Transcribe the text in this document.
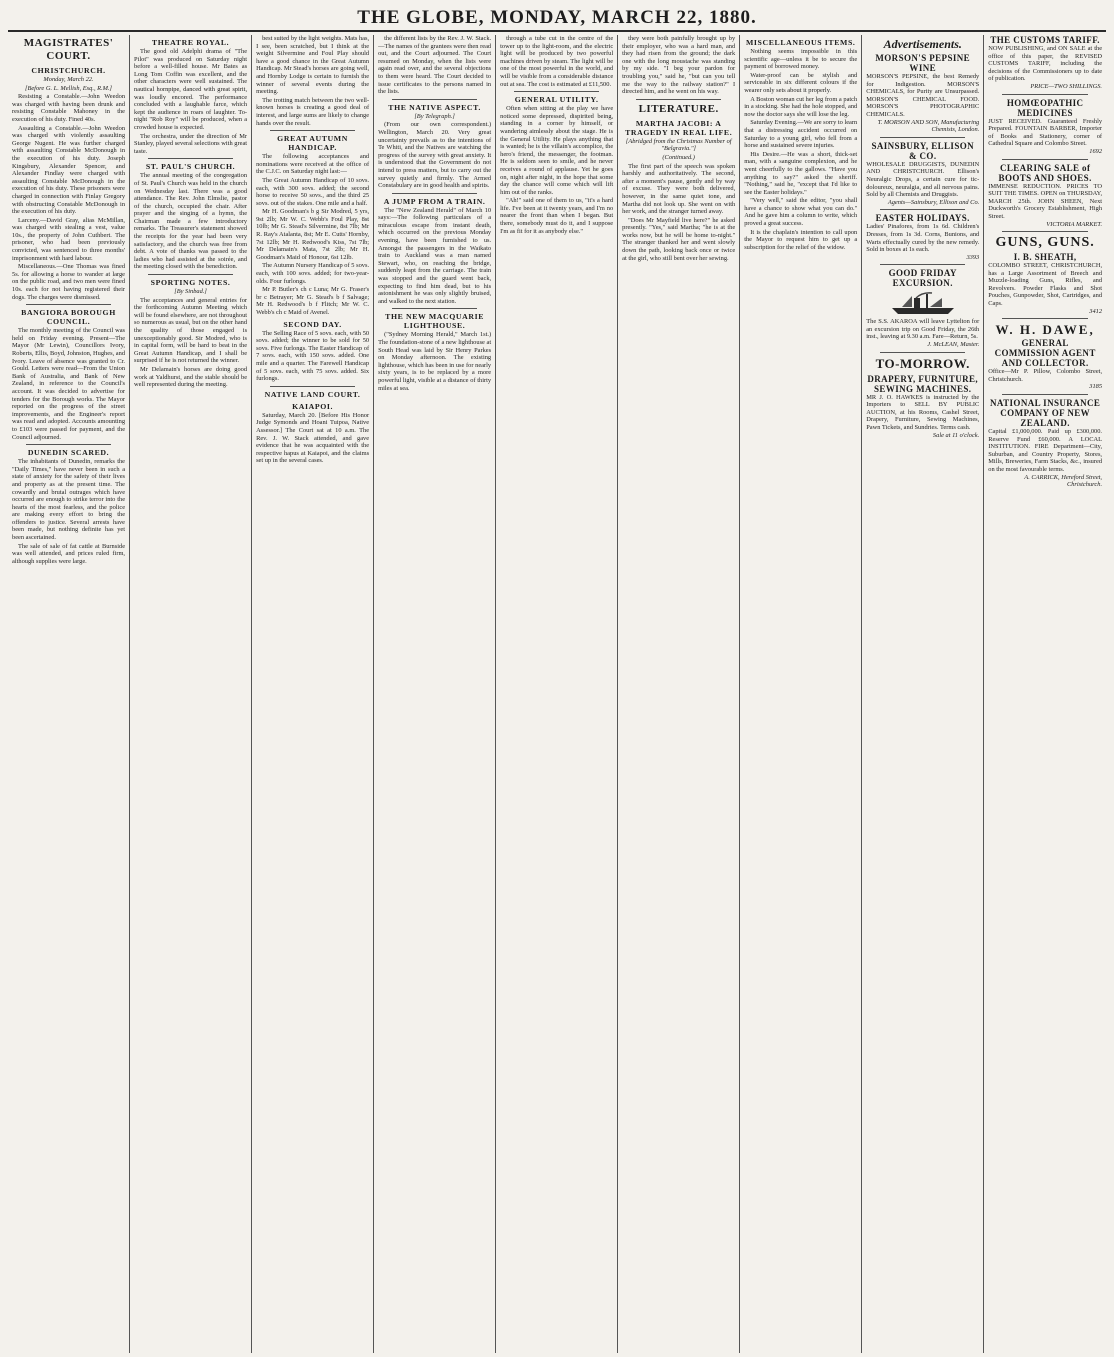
THE GLOBE, MONDAY, MARCH 22, 1880.
MAGISTRATES' COURT.
CHRISTCHURCH.
Monday, March 22.
[Before G. L. Mellish, Esq., R.M.]

Resisting a Constable.—John Weedon was charged with having been drunk and resisting Constable Mahoney in the execution of his duty. Fined 40s.

Assaulting a Constable.—John Weedon was charged with violently assaulting George Nugent. He was further charged with assaulting Constable McDonough in the execution of his duty. Joseph Kingsbury, Alexander Spencer, and Alexander Findlay were charged with assaulting Constable McDonough in the execution of his duty. These prisoners were charged in connection with Finlay Gregory with obstructing Constable McDonough in the execution of his duty.

Larceny.—David Gray, alias McMillan, was charged with stealing a vest, value 10s., the property of John Cuthbert. The prisoner, who had been previously convicted, was sentenced to three months' imprisonment with hard labour.

Miscellaneous.—One Thomas was fined 5s. for allowing a horse to wander at large on the public road, and two men were fined 10s. each for not having registered their dogs. The charges were dismissed.

BANGIORA BOROUGH COUNCIL.

The monthly meeting of the Council was held on Friday evening. Present—The Mayor (Mr Lewin), Councillors Ivory, Roberts, Ellis, Boyd, Johnston, Hughes, and Ivory. Leave of absence was granted to Cr. Gould. Letters were read—From the Union Bank of Australia, and Bank of New Zealand, in reference to the Council's account. It was decided to advertise for tenders for the Borough works. The Mayor reported on the progress of the street improvements, and the Engineer's report was read and adopted. Accounts amounting to £103 were passed for payment, and the Council adjourned.

DUNEDIN SCARED.

The inhabitants of Dunedin, remarks the "Daily Times," have never been in such a state of anxiety for the safety of their lives and property as at the present time. The cowardly and brutal outrages which have occurred are enough to strike terror into the hearts of the most fearless, and the police are making every effort to bring the offenders to justice. Several arrests have been made, but nothing definite has yet been ascertained.

The sale of sale of fat cattle at Burnside was well attended, and prices ruled firm, although supplies were large.

THEATRE ROYAL.

The good old Adelphi drama of "The Pilot" was produced on Saturday night before a well-filled house. Mr Bates as Long Tom Coffin was excellent, and the other characters were well sustained. The nautical hornpipe, danced with great spirit, was loudly encored. The performance concluded with a laughable farce, which kept the audience in roars of laughter. To-night "Rob Roy" will be produced, when a crowded house is expected.

The orchestra, under the direction of Mr Stanley, played several selections with great taste.

ST. PAUL'S CHURCH.

The annual meeting of the congregation of St. Paul's Church was held in the church on Wednesday last. There was a good attendance. The Rev. John Elmslie, pastor of the church, occupied the chair. After prayer and the singing of a hymn, the Chairman made a few introductory remarks. The Treasurer's statement showed the receipts for the year had been very satisfactory, and the church was free from debt. A vote of thanks was passed to the ladies who had assisted at the soirée, and the meeting closed with the benediction.

SPORTING NOTES.
[By Sinbad.]

The acceptances and general entries for the forthcoming Autumn Meeting which will be found elsewhere, are not throughout so numerous as usual, but on the other hand the quality of those engaged is unexceptionably good. Sir Modred, who is in capital form, will be hard to beat in the Great Autumn Handicap, and I shall be surprised if he is not returned the winner.

Mr Delamain's horses are doing good work at Yaldhurst, and the stable should be well represented during the meeting.

best suited by the light weights. Mats has, I see, been scratched, but I think at the weight Silvermine and Foul Play should have a good chance in the Great Autumn Handicap. Mr Stead's horses are going well, and Hornby Lodge is certain to furnish the winner of several events during the meeting.

The trotting match between the two well-known horses is creating a good deal of interest, and large sums are likely to change hands over the result.

GREAT AUTUMN HANDICAP.

The following acceptances and nominations were received at the office of the C.J.C. on Saturday night last:—

The Great Autumn Handicap of 10 sovs. each, with 300 sovs. added; the second horse to receive 50 sovs., and the third 25 sovs. out of the stakes. One mile and a half.

Mr H. Goodman's b g Sir Modred, 5 yrs, 9st 2lb; Mr W. C. Webb's Foul Play, 8st 10lb; Mr G. Stead's Silvermine, 8st 7lb; Mr R. Ray's Atalanta, 8st; Mr E. Cutts' Hornby, 7st 12lb; Mr H. Redwood's Kiss, 7st 7lb; Mr Delamain's Mata, 7st 2lb; Mr H. Goodman's Maid of Honour, 6st 12lb.

The Autumn Nursery Handicap of 5 sovs. each, with 100 sovs. added; for two-year-olds. Four furlongs.

Mr P. Butler's ch c Luna; Mr G. Fraser's br c Betrayer; Mr G. Stead's b f Salvage; Mr H. Redwood's b f Flitch; Mr W. C. Webb's ch c Maid of Avenel.

SECOND DAY.

The Selling Race of 5 sovs. each, with 50 sovs. added; the winner to be sold for 50 sovs. Five furlongs. The Easter Handicap of 7 sovs. each, with 150 sovs. added. One mile and a quarter. The Farewell Handicap of 5 sovs. each, with 75 sovs. added. Six furlongs.

NATIVE LAND COURT.
KAIAPOI.

Saturday, March 20. [Before His Honor Judge Symonds and Hoani Tuipoa, Native Assessor.] The Court sat at 10 a.m. The Rev. J. W. Stack attended, and gave evidence that he was acquainted with the respective hapus at Kaiapoi, and the claims set up in the several cases.

the different lists by the Rev. J. W. Stack.—The names of the grantees were then read out, and the Court adjourned. The Court resumed on Monday, when the lists were again read over, and the several objections to them were heard. The Court decided to issue certificates to the persons named in the lists.

THE NATIVE ASPECT.
[By Telegraph.]

(From our own correspondent.) Wellington, March 20. Very great uncertainty prevails as to the intentions of Te Whiti, and the Natives are watching the progress of the survey with great anxiety. It is understood that the Government do not intend to press matters, but to carry out the survey quietly and firmly. The Armed Constabulary are in good health and spirits.

A JUMP FROM A TRAIN.

The "New Zealand Herald" of March 10 says:—The following particulars of a miraculous escape from instant death, which occurred on the previous Monday evening, have been furnished to us. Amongst the passengers in the Waikato train to Auckland was a man named Stewart, who, on reaching the bridge, suddenly leapt from the carriage. The train was stopped and the guard went back, expecting to find him dead, but to his astonishment he was only slightly bruised, and walked to the next station.

THE NEW MACQUARIE LIGHTHOUSE.

("Sydney Morning Herald," March 1st.) The foundation-stone of a new lighthouse at South Head was laid by Sir Henry Parkes on Monday afternoon. The existing lighthouse, which has been in use for nearly sixty years, is to be replaced by a more powerful light, visible at a distance of thirty miles at sea.

through a tube cut in the centre of the tower up to the light-room, and the electric light will be produced by two powerful machines driven by steam. The light will be one of the most powerful in the world, and will be visible from a considerable distance out at sea. The cost is estimated at £11,500.

GENERAL UTILITY.

Often when sitting at the play we have noticed some depressed, dispirited being, standing in a corner by himself, or wandering aimlessly about the stage. He is the General Utility. He plays anything that is wanted; he is the villain's accomplice, the hero's friend, the messenger, the footman. He is seldom seen to smile, and he never receives a round of applause. Yet he goes on, night after night, in the hope that some day the chance will come which will lift him out of the ranks.

"Ah!" said one of them to us, "it's a hard life. I've been at it twenty years, and I'm no nearer the front than when I began. But there, somebody must do it, and I suppose I'm as fit for it as anybody else."

they were both painfully brought up by their employer, who was a hard man, and they had risen from the ground; the dark one with the long moustache was standing by my side. "I beg your pardon for troubling you," said he, "but can you tell me the way to the railway station?" I directed him, and he went on his way.

LITERATURE.
MARTHA JACOBI: A TRAGEDY IN REAL LIFE.
[Abridged from the Christmas Number of "Belgravia."]
(Continued.)

The first part of the speech was spoken harshly and authoritatively. The second, after a moment's pause, gently and by way of excuse. They were both delivered, however, in the same quiet tone, and Martha did not look up. She went on with her work, and the stranger turned away.

"Does Mr Mayfield live here?" he asked presently. "Yes," said Martha; "he is at the works now, but he will be home to-night." The stranger thanked her and went slowly down the path, looking back once or twice at the girl, who still bent over her sewing.

MISCELLANEOUS ITEMS.

Nothing seems impossible in this scientific age—unless it be to secure the payment of borrowed money.

Water-proof can be stylish and serviceable in six different colours if the wearer only sets about it properly.

A Boston woman cut her leg from a patch in a stocking. She had the hole stopped, and now the doctor says she will lose the leg.

Saturday Evening.—We are sorry to learn that a distressing accident occurred on Saturday to a young girl, who fell from a horse and sustained severe injuries.

His Desire.—He was a short, thick-set man, with a sanguine complexion, and he went cheerfully to the gallows. "Have you anything to say?" asked the sheriff. "Nothing," said he, "except that I'd like to see the Easter holidays."

"Very well," said the editor, "you shall have a chance to show what you can do." And he gave him a column to write, which proved a great success.

It is the chaplain's intention to call upon the Mayor to request him to get up a subscription for the relief of the widow.

Advertisements.
MORSON'S PEPSINE WINE
MORSON'S PEPSINE, the best Remedy for Indigestion. MORSON'S CHEMICALS, for Purity are Unsurpassed. MORSON'S CHEMICAL FOOD. MORSON'S PHOTOGRAPHIC CHEMICALS.
T. MORSON AND SON, Manufacturing Chemists, London.
SAINSBURY, ELLISON & CO.
WHOLESALE DRUGGISTS, DUNEDIN AND CHRISTCHURCH. Ellison's Neuralgic Drops, a certain cure for tic-doloureux, neuralgia, and all nervous pains. Sold by all Chemists and Druggists.
Agents—Sainsbury, Ellison and Co.
EASTER HOLIDAYS.
Ladies' Pinafores, from 1s 6d. Children's Dresses, from 1s 3d. Corns, Bunions, and Warts effectually cured by the new remedy. Sold in boxes at 1s each.
3393
GOOD FRIDAY EXCURSION.
The S.S. AKAROA will leave Lyttelton for an excursion trip on Good Friday, the 26th inst., leaving at 9.30 a.m. Fare—Return, 5s.
J. McLEAN, Master.
TO-MORROW.
DRAPERY, FURNITURE, SEWING MACHINES.
MR J. O. HAWKES is instructed by the Importers to SELL BY PUBLIC AUCTION, at his Rooms, Cashel Street, Drapery, Furniture, Sewing Machines, Pawn Tickets, and Sundries. Terms cash.
Sale at 11 o'clock.
THE CUSTOMS TARIFF.
NOW PUBLISHING, and ON SALE at the office of this paper, the REVISED CUSTOMS TARIFF, including the decisions of the Commissioners up to date of publication.
PRICE—TWO SHILLINGS.
HOMŒOPATHIC MEDICINES
JUST RECEIVED. Guaranteed Freshly Prepared. FOUNTAIN BARBER, Importer of Books and Stationery, corner of Cathedral Square and Colombo Street.
1692
CLEARING SALE of BOOTS AND SHOES.
IMMENSE REDUCTION. PRICES TO SUIT THE TIMES. OPEN on THURSDAY, MARCH 25th. JOHN SHEEN, Next Duckworth's Grocery Establishment, High Street.
VICTORIA MARKET.
GUNS, GUNS.
I. B. SHEATH,
COLOMBO STREET, CHRISTCHURCH, has a Large Assortment of Breech and Muzzle-loading Guns, Rifles, and Revolvers. Powder Flasks and Shot Pouches, Gunpowder, Shot, Cartridges, and Caps.
3412
W. H. DAWE,
GENERAL COMMISSION AGENT AND COLLECTOR.
Office—Mr P. Pillow, Colombo Street, Christchurch.
3185
NATIONAL INSURANCE COMPANY OF NEW ZEALAND.
Capital £1,000,000. Paid up £300,000. Reserve Fund £60,000. A LOCAL INSTITUTION. FIRE Department—City, Suburban, and Country Property, Stores, Mills, Breweries, Farm Stacks, &c., insured on the most favourable terms.
A. CARRICK, Hereford Street, Christchurch.
